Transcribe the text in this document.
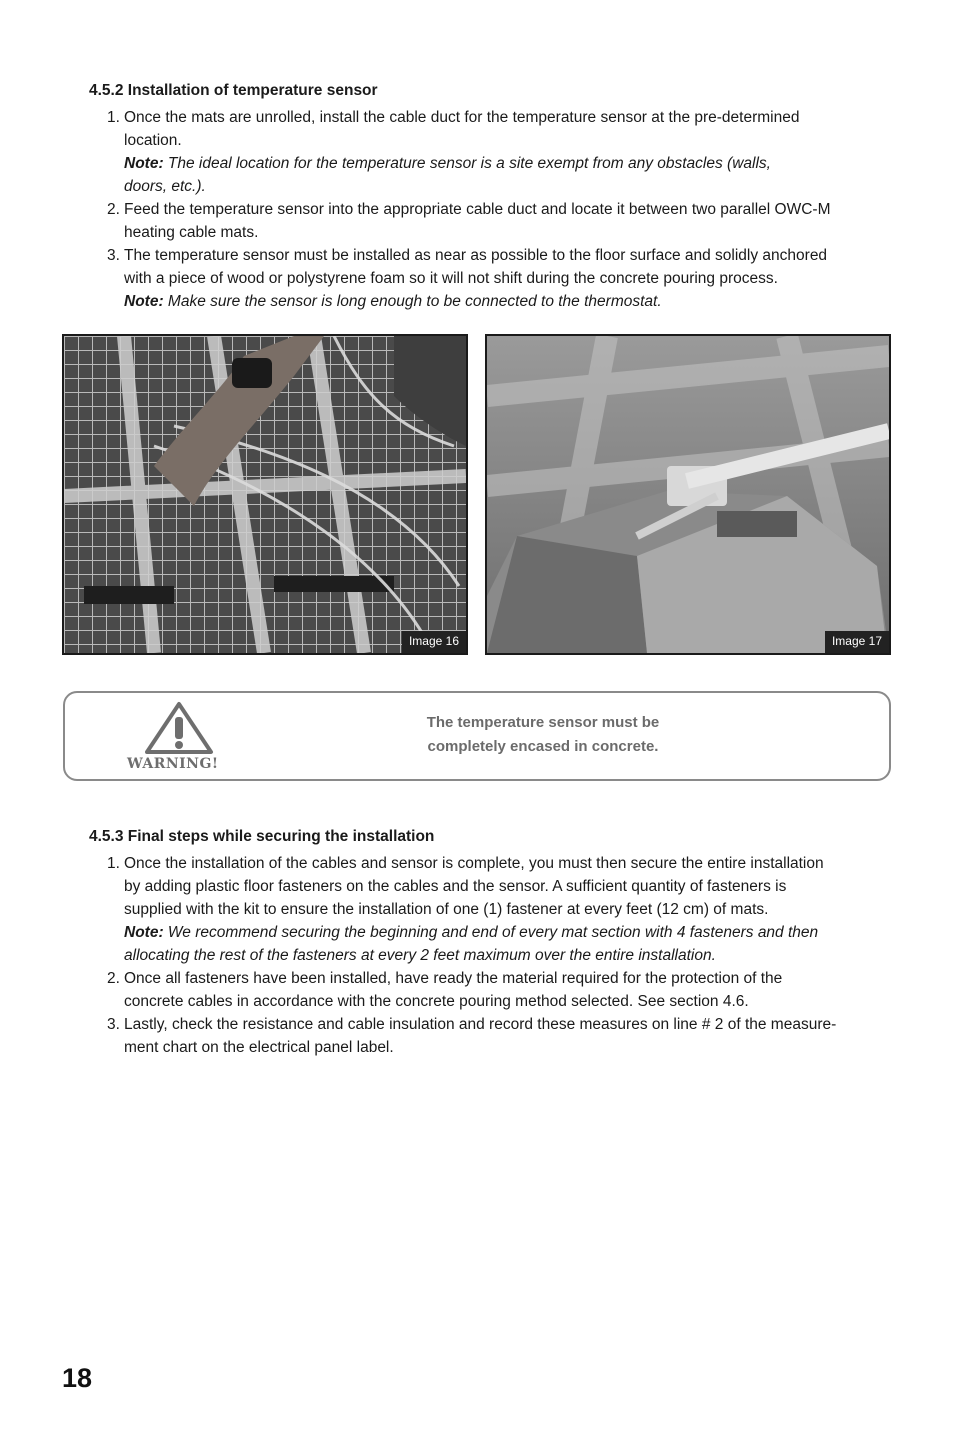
4.5.2 Installation of temperature sensor
1. Once the mats are unrolled, install the cable duct for the temperature sensor at the pre-determined
location.
Note: The ideal location for the temperature sensor is a site exempt from any obstacles (walls,
doors, etc.).
2. Feed the temperature sensor into the appropriate cable duct and locate it between two parallel OWC-M
heating cable mats.
3. The temperature sensor must be installed as near as possible to the floor surface and solidly anchored
with a piece of wood or polystyrene foam so it will not shift during the concrete pouring process.
Note: Make sure the sensor is long enough to be connected to the thermostat.
Image 16	Image 17
WARNING!
The temperature sensor must be
completely encased in concrete.
4.5.3 Final steps while securing the installation
1. Once the installation of the cables and sensor is complete, you must then secure the entire installation
by adding plastic floor fasteners on the cables and the sensor. A sufficient quantity of fasteners is
supplied with the kit to ensure the installation of one (1) fastener at every feet (12 cm) of mats.
Note: We recommend securing the beginning and end of every mat section with 4 fasteners and then
allocating the rest of the fasteners at every 2 feet maximum over the entire installation.
2. Once all fasteners have been installed, have ready the material required for the protection of the
concrete cables in accordance with the concrete pouring method selected. See section 4.6.
3. Lastly, check the resistance and cable insulation and record these measures on line # 2 of the measure-
ment chart on the electrical panel label.
18
